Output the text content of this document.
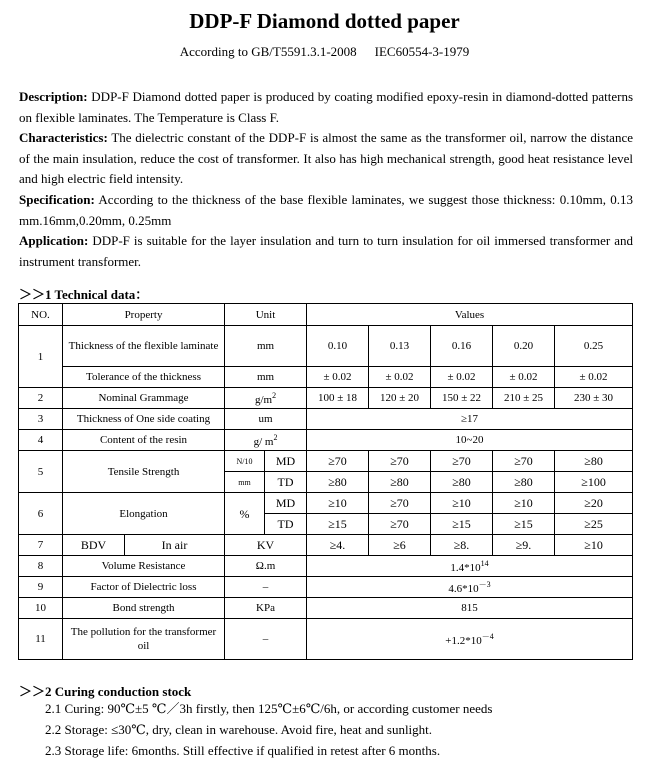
DDP-F Diamond dotted paper
According to GB/T5591.3.1-2008 IEC60554-3-1979
Description: DDP-F Diamond dotted paper is produced by coating modified epoxy-resin in diamond-dotted patterns on flexible laminates. The Temperature is Class F.
Characteristics: The dielectric constant of the DDP-F is almost the same as the transformer oil, narrow the distance of the main insulation, reduce the cost of transformer. It also has high mechanical strength, good heat resistance level and high electric field intensity.
Specification: According to the thickness of the base flexible laminates, we suggest those thickness: 0.10mm, 0.13 mm.16mm,0.20mm, 0.25mm
Application: DDP-F is suitable for the layer insulation and turn to turn insulation for oil immersed transformer and instrument transformer.
＞＞1 Technical data：
NO.	Property		Unit		Values				
1	Thickness of the flexible laminate		mm		0.10	0.13	0.16	0.20	0.25
	Tolerance of the thickness		mm		± 0.02	± 0.02	± 0.02	± 0.02	± 0.02
2	Nominal Grammage		$g/m^2$		100 ± 18	120 ± 20	150 ± 22	210 ± 25	230 ± 30
3	Thickness of One side coating		um		≥17				
4	Content of the resin		g/ $m^2$		10~20				
5	Tensile Strength		N/10	MD	≥70	≥70	≥70	≥70	≥80
			mm	TD	≥80	≥80	≥80	≥80	≥100
6	Elongation		%	MD	≥10	≥70	≥10	≥10	≥20
				TD	≥15	≥70	≥15	≥15	≥25
7	BDV	In air	KV		≥4.	≥6	≥8.	≥9.	≥10
8	Volume Resistance		Ω.m		$1.4*10^{14}$
9	Factor of Dielectric loss		–		$4.6*10^{-3}$
10	Bond strength		KPa		815				
11	The pollution for the transformer oil		–		$+1.2*10^{-4}$
＞＞2 Curing conduction stock
2.1 Curing: 90℃±5 ℃／3h firstly, then 125℃±6℃/6h, or according customer needs
2.2 Storage: ≤30℃, dry, clean in warehouse. Avoid fire, heat and sunlight.
2.3 Storage life: 6months. Still effective if qualified in retest after 6 months.
